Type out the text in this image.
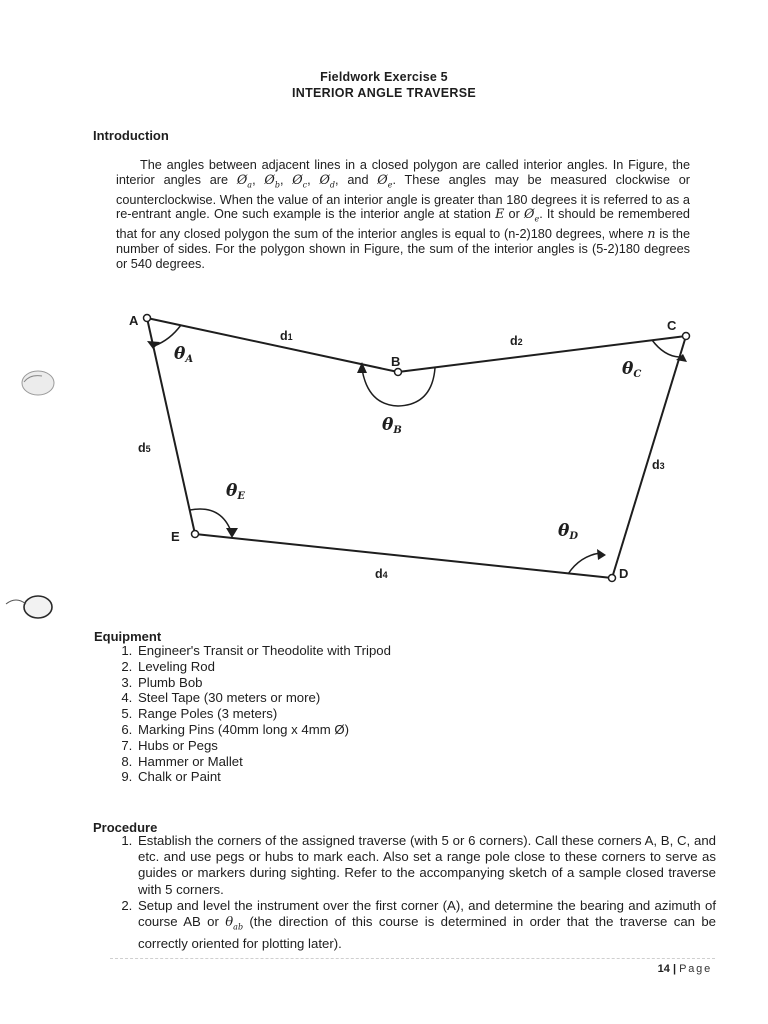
Fieldwork Exercise 5
INTERIOR ANGLE TRAVERSE
Introduction
The angles between adjacent lines in a closed polygon are called interior angles. In Figure, the interior angles are $Ø_a$, $Ø_b$, $Ø_c$, $Ø_d$, and $Ø_e$. These angles may be measured clockwise or counterclockwise. When the value of an interior angle is greater than 180 degrees it is referred to as a re-entrant angle. One such example is the interior angle at station E or $Ø_e$. It should be remembered that for any closed polygon the sum of the interior angles is equal to (n-2)180 degrees, where n is the number of sides. For the polygon shown in Figure, the sum of the interior angles is (5-2)180 degrees or 540 degrees.
A
B
C
D
E
d1	d2
d3
d4
d5
θA
θB
θC
θD
θE
Equipment
1. Engineer's Transit or Theodolite with Tripod
2. Leveling Rod
3. Plumb Bob
4. Steel Tape (30 meters or more)
5. Range Poles (3 meters)
6. Marking Pins (40mm long x 4mm Ø)
7. Hubs or Pegs
8. Hammer or Mallet
9. Chalk or Paint
Procedure
1. Establish the corners of the assigned traverse (with 5 or 6 corners). Call these corners A, B, C, and etc. and use pegs or hubs to mark each. Also set a range pole close to these corners to serve as guides or markers during sighting. Refer to the accompanying sketch of a sample closed traverse with 5 corners.
2. Setup and level the instrument over the first corner (A), and determine the bearing and azimuth of course AB or $\theta_{ab}$ (the direction of this course is determined in order that the traverse can be correctly oriented for plotting later).
14 | Page
